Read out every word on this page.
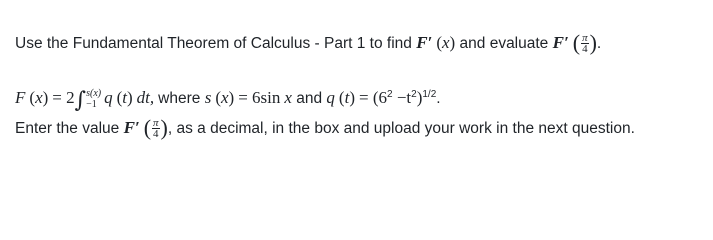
Use the Fundamental Theorem of Calculus - Part 1 to find F′ (x) and evaluate F′ ( $\frac{\pi}{4}$ ).
F (x) = 2∫ s(x)
−1 q (t) dt, where s (x) = 6sin x and q $(t) = (6^2 -t^2)^{1/2}$.
Enter the value F′ ( $\frac{\pi}{4}$ ), as a decimal, in the box and upload your work in the next question.
